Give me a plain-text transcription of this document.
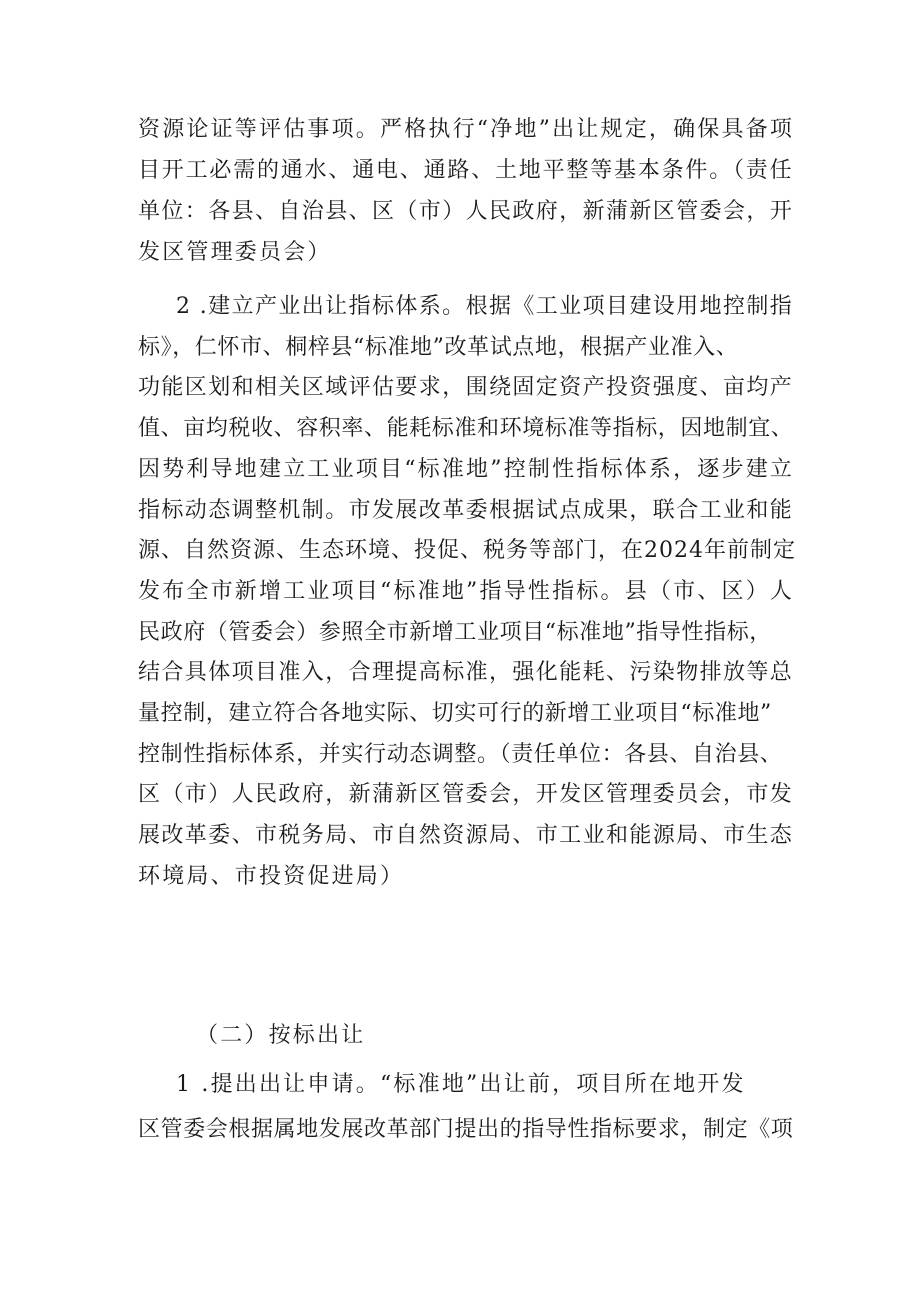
资源论证等评估事项。严格执行“净地”出让规定，确保具备项
目开工必需的通水、通电、通路、土地平整等基本条件。（责任
单位：各县、自治县、区（市）人民政府，新蒲新区管委会，开
发区管理委员会）
2 .建立产业出让指标体系。根据《工业项目建设用地控制指
标》，仁怀市、桐梓县“标准地”改革试点地，根据产业准入、
功能区划和相关区域评估要求，围绕固定资产投资强度、亩均产
值、亩均税收、容积率、能耗标准和环境标准等指标，因地制宜、
因势利导地建立工业项目“标准地”控制性指标体系，逐步建立
指标动态调整机制。市发展改革委根据试点成果，联合工业和能
源、自然资源、生态环境、投促、税务等部门，在2024年前制定
发布全市新增工业项目“标准地”指导性指标。县（市、区）人
民政府（管委会）参照全市新增工业项目“标准地”指导性指标，
结合具体项目准入，合理提高标准，强化能耗、污染物排放等总
量控制，建立符合各地实际、切实可行的新增工业项目“标准地”
控制性指标体系，并实行动态调整。（责任单位：各县、自治县、
区（市）人民政府，新蒲新区管委会，开发区管理委员会，市发
展改革委、市税务局、市自然资源局、市工业和能源局、市生态
环境局、市投资促进局）
（二）按标出让
1 .提出出让申请。“标准地”出让前，项目所在地开发
区管委会根据属地发展改革部门提出的指导性指标要求，制定《项
